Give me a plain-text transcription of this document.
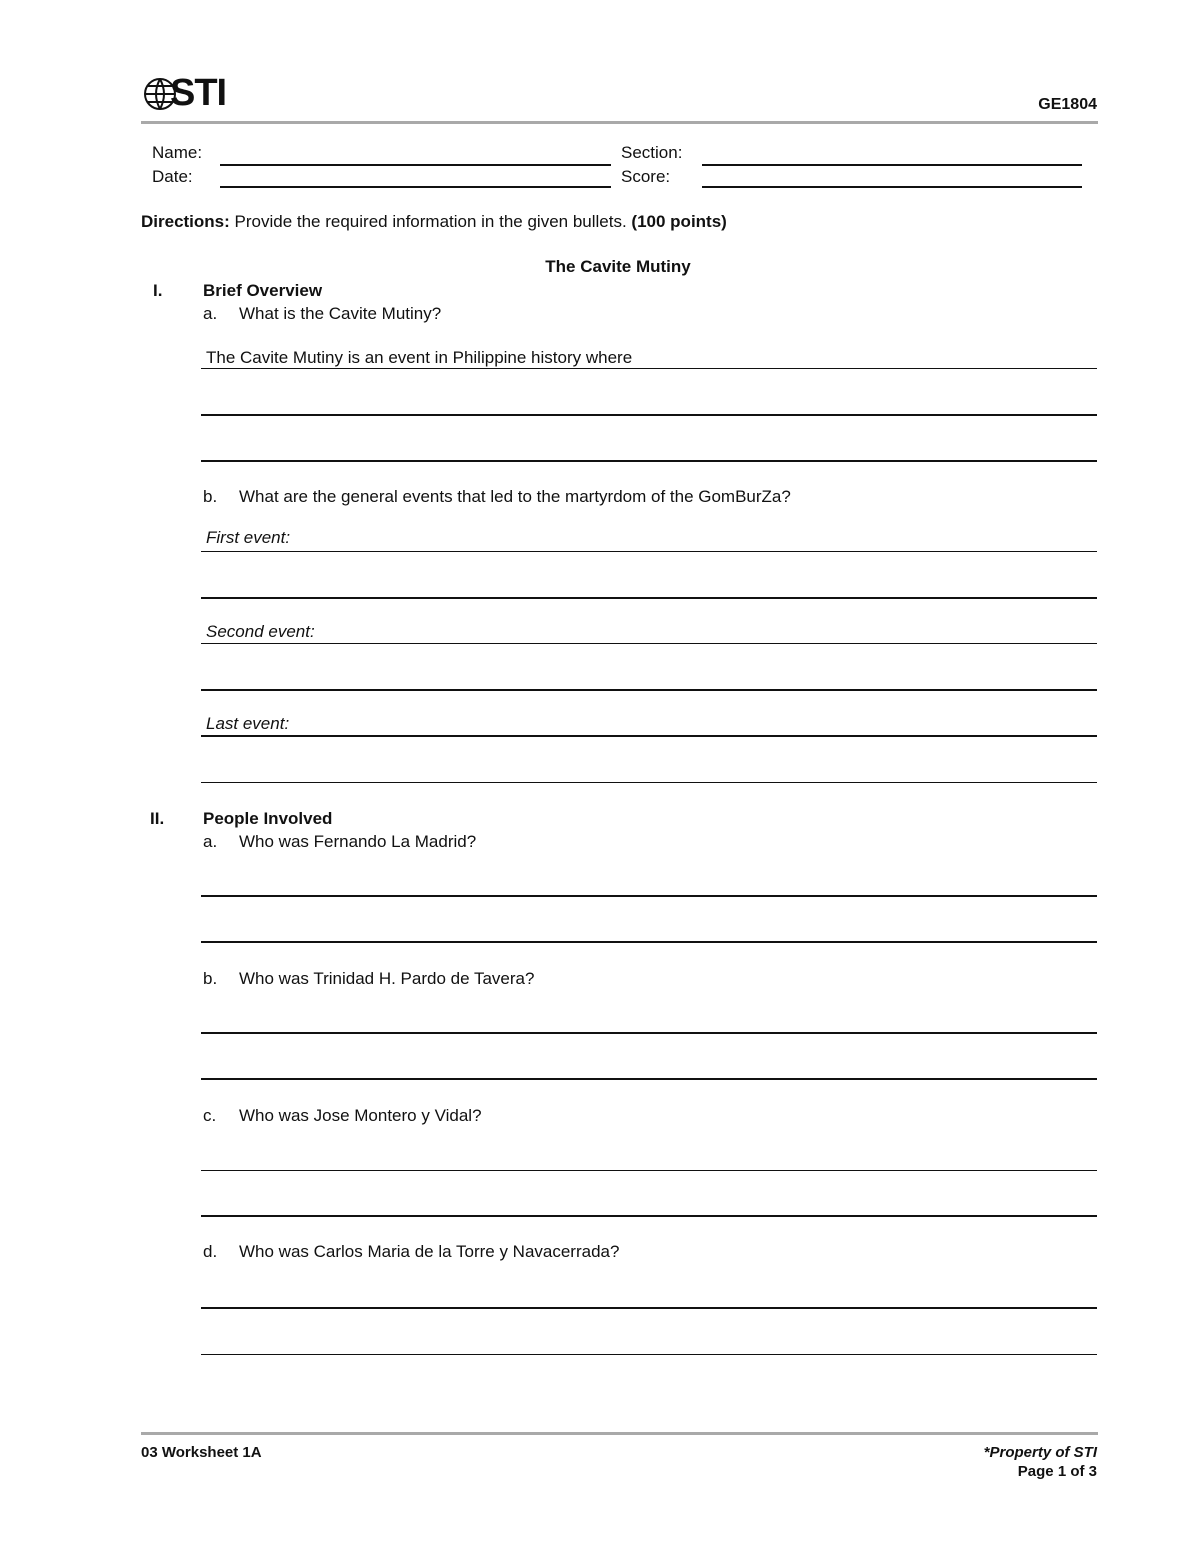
STI	GE1804
Name:	Section:
Date:	Score:
Directions: Provide the required information in the given bullets. (100 points)
The Cavite Mutiny
I. Brief Overview
a. What is the Cavite Mutiny?
The Cavite Mutiny is an event in Philippine history where
b. What are the general events that led to the martyrdom of the GomBurZa?
First event:
Second event:
Last event:
II. People Involved
a. Who was Fernando La Madrid?
b. Who was Trinidad H. Pardo de Tavera?
c. Who was Jose Montero y Vidal?
d. Who was Carlos Maria de la Torre y Navacerrada?
03 Worksheet 1A	*Property of STI
Page 1 of 3
